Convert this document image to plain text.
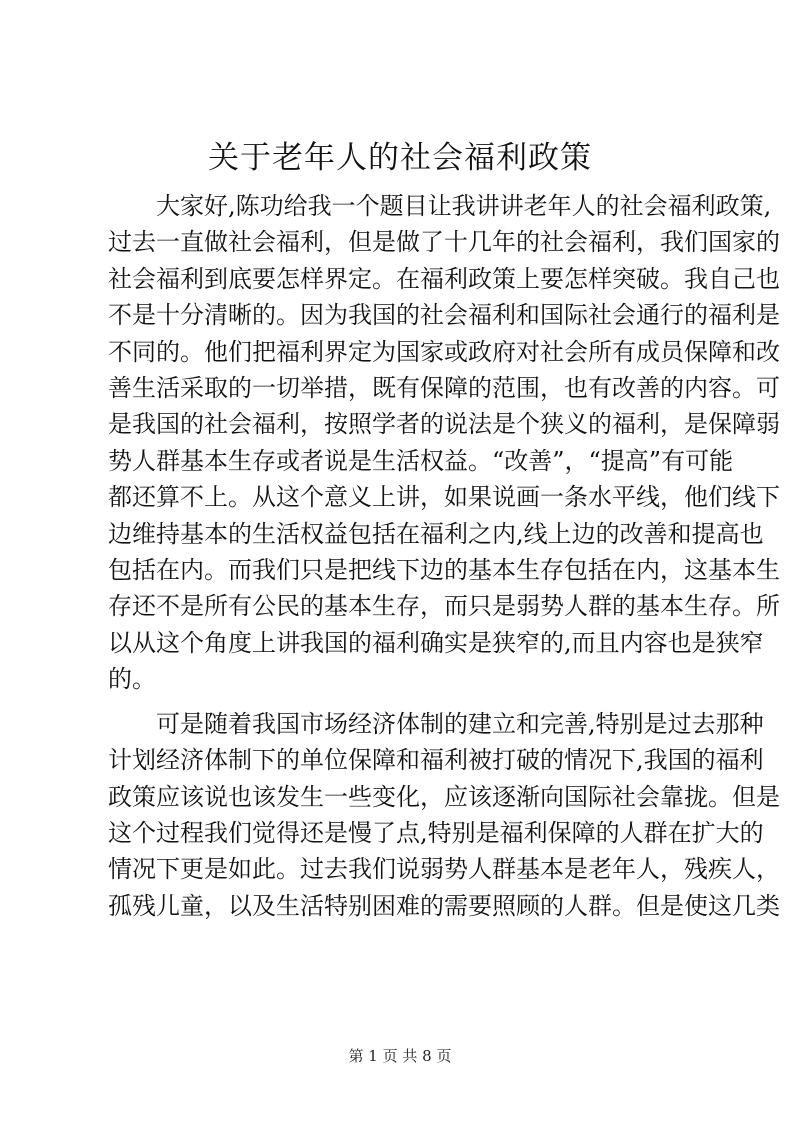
关于老年人的社会福利政策

大家好,陈功给我一个题目让我讲讲老年人的社会福利政策,
过去一直做社会福利，但是做了十几年的社会福利，我们国家的
社会福利到底要怎样界定。在福利政策上要怎样突破。我自己也
不是十分清晰的。因为我国的社会福利和国际社会通行的福利是
不同的。他们把福利界定为国家或政府对社会所有成员保障和改
善生活采取的一切举措，既有保障的范围，也有改善的内容。可
是我国的社会福利，按照学者的说法是个狭义的福利，是保障弱
势人群基本生存或者说是生活权益。“改善”，“提高”有可能
都还算不上。从这个意义上讲，如果说画一条水平线，他们线下
边维持基本的生活权益包括在福利之内,线上边的改善和提高也
包括在内。而我们只是把线下边的基本生存包括在内，这基本生
存还不是所有公民的基本生存，而只是弱势人群的基本生存。所
以从这个角度上讲我国的福利确实是狭窄的,而且内容也是狭窄
的。

可是随着我国市场经济体制的建立和完善,特别是过去那种
计划经济体制下的单位保障和福利被打破的情况下,我国的福利
政策应该说也该发生一些变化，应该逐渐向国际社会靠拢。但是
这个过程我们觉得还是慢了点,特别是福利保障的人群在扩大的
情况下更是如此。过去我们说弱势人群基本是老年人，残疾人，
孤残儿童，以及生活特别困难的需要照顾的人群。但是使这几类

第 1 页 共 8 页
